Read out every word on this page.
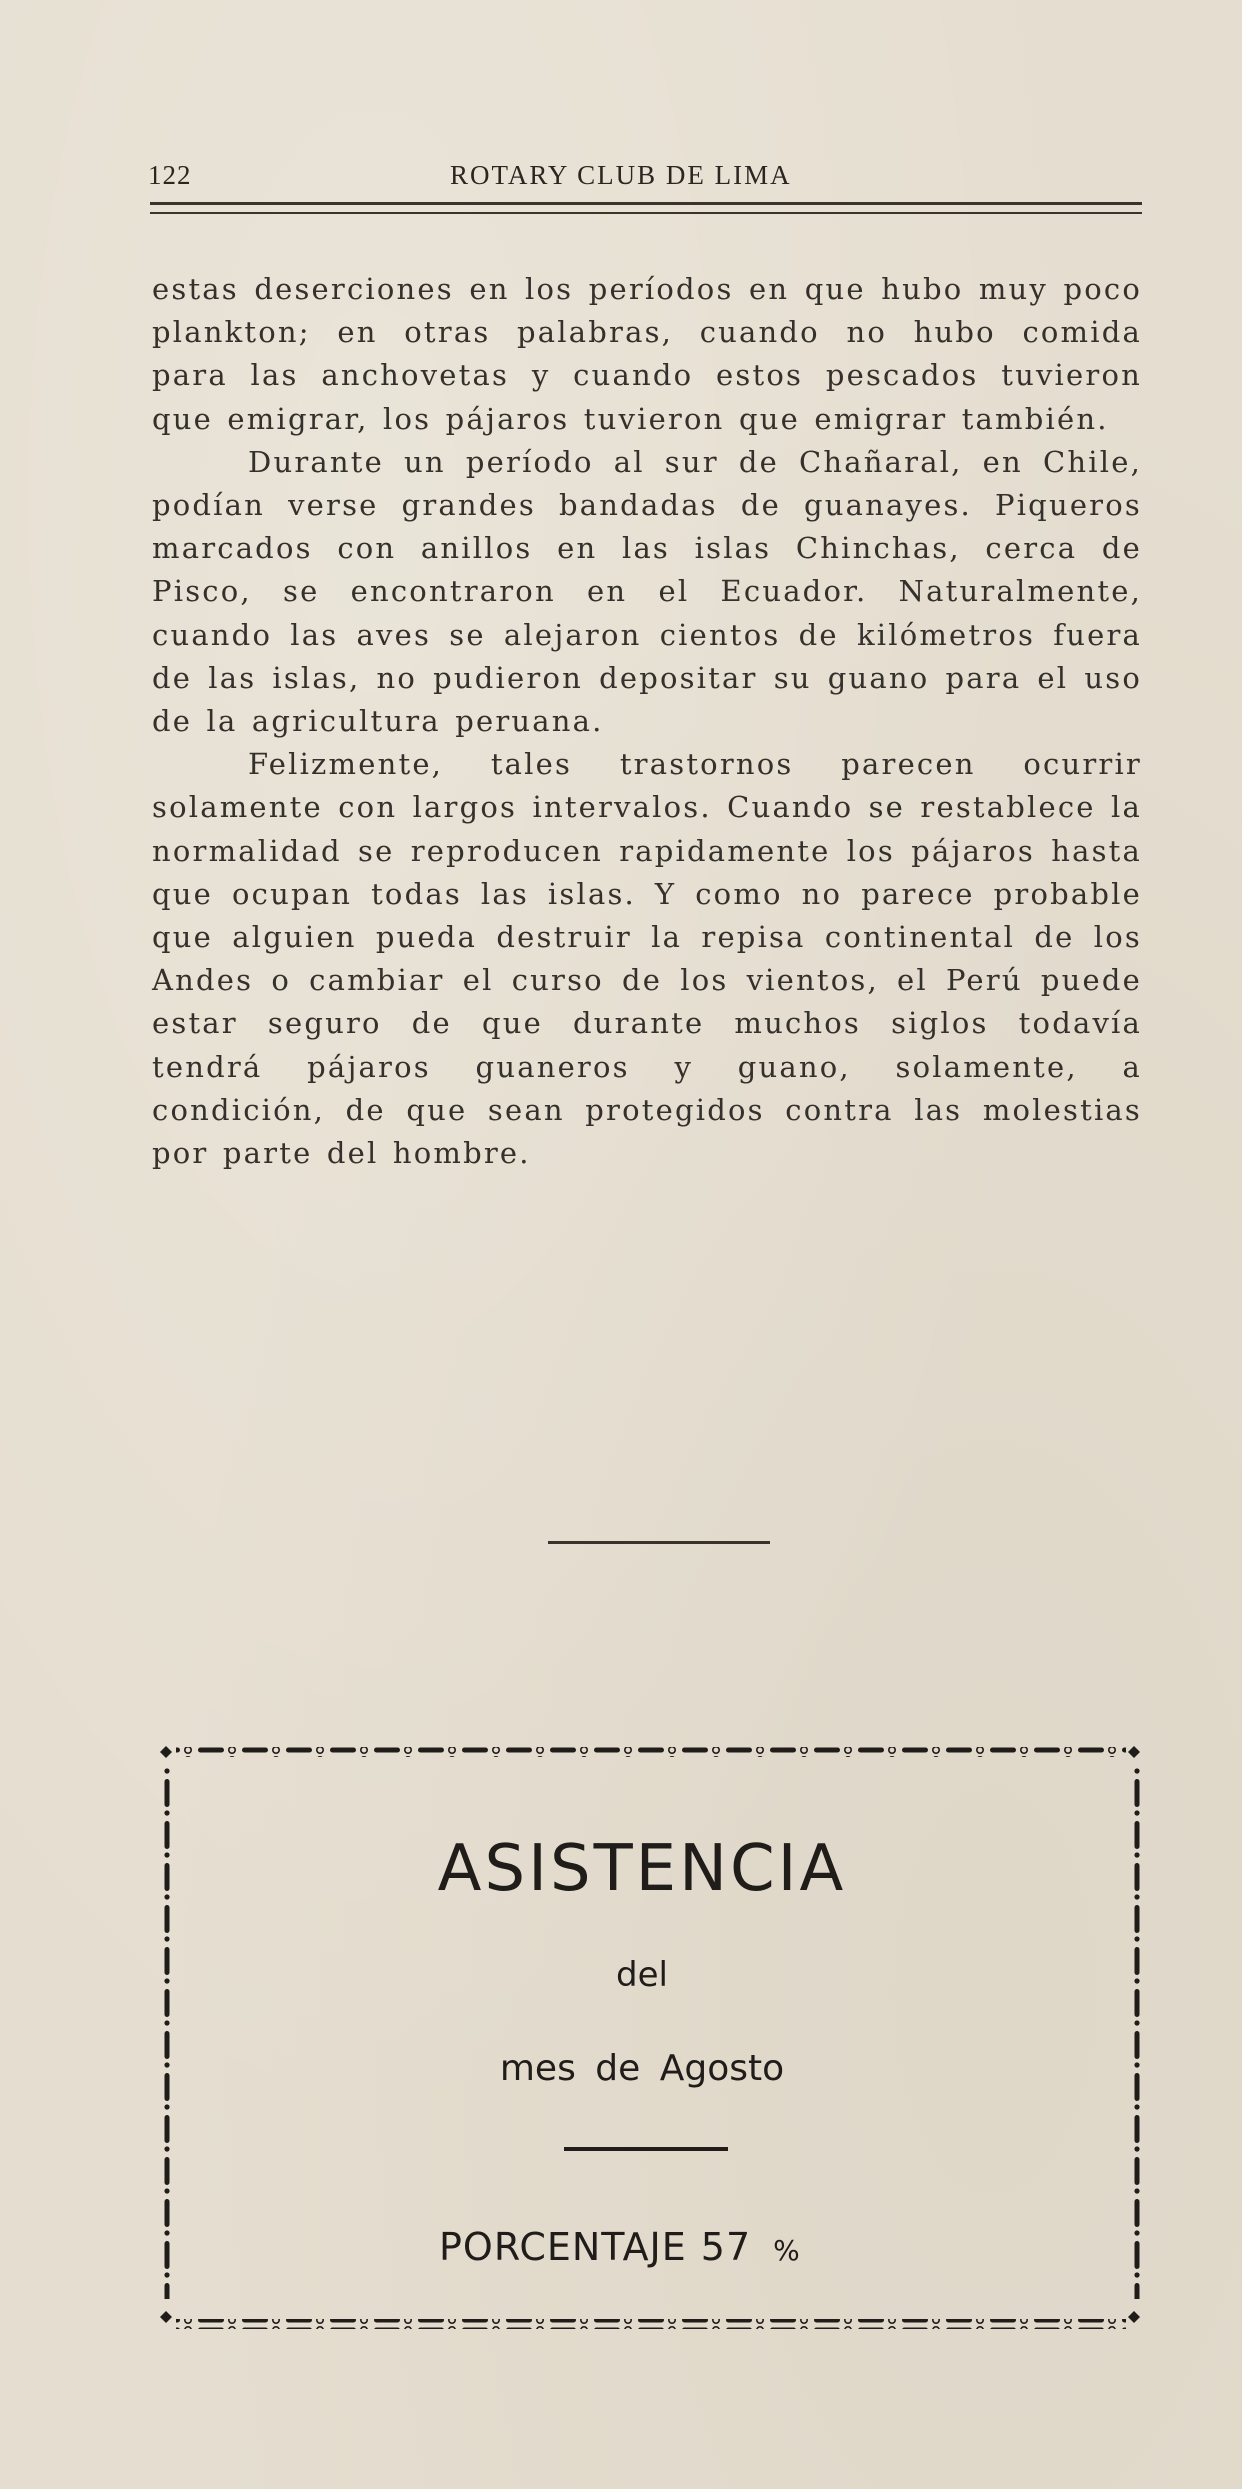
122	ROTARY CLUB DE LIMA

estas deserciones en los períodos en que hubo muy poco plankton; en otras palabras, cuando no hubo comida para las anchovetas y cuando estos pescados tuvieron que emigrar, los pájaros tuvieron que emigrar también.

Durante un período al sur de Chañaral, en Chile, podían verse grandes bandadas de guanayes. Piqueros marcados con anillos en las islas Chinchas, cerca de Pisco, se encontraron en el Ecuador. Naturalmente, cuando las aves se alejaron cientos de kilómetros fuera de las islas, no pudieron depositar su guano para el uso de la agricultura peruana.

Felizmente, tales trastornos parecen ocurrir solamente con largos intervalos. Cuando se restablece la normalidad se reproducen rapidamente los pájaros hasta que ocupan todas las islas. Y como no parece probable que alguien pueda destruir la repisa continental de los Andes o cambiar el curso de los vientos, el Perú puede estar seguro de que durante muchos siglos todavía tendrá pájaros guaneros y guano, solamente, a condición, de que sean protegidos contra las molestias por parte del hombre.

ASISTENCIA
del
mes de Agosto
PORCENTAJE 57 %
